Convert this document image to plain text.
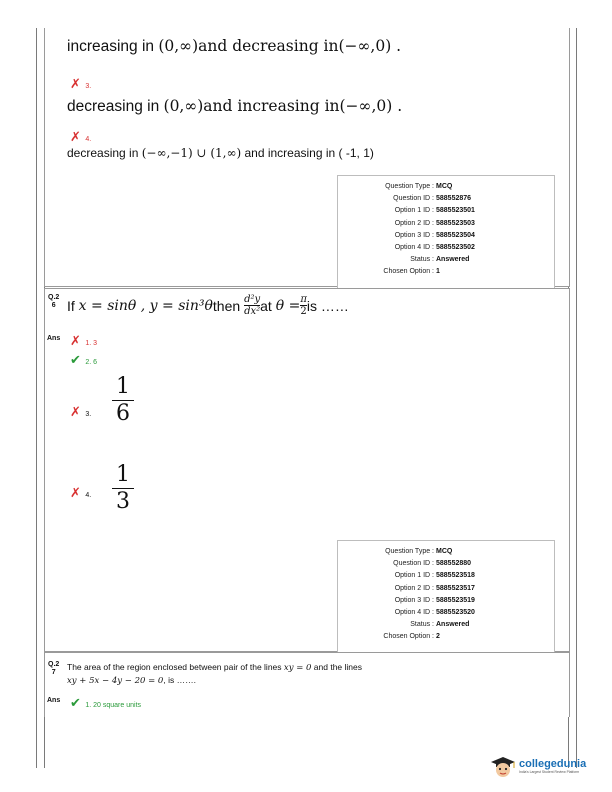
increasing in (0,∞)and decreasing in(−∞,0) .
✗ 3.
decreasing in (0,∞)and increasing in(−∞,0) .
✗ 4.
decreasing in (−∞,−1) ∪ (1,∞) and increasing in ( -1, 1)
Question Type : MCQ
Question ID : 588552876
Option 1 ID : 5885523501
Option 2 ID : 5885523503
Option 3 ID : 5885523504
Option 4 ID : 5885523502
Status : Answered
Chosen Option : 1
Q.2
6 If
x = sinθ , y = sin³θ then
$\frac{\text{d²y}}{\text{dx²}}$ at
$\theta = \frac{\pi}{2}$ is ……
Ans ✗ 1. 3
✔ 2. 6
✗ 3.
1
6
✗ 4.
1
3
Question Type : MCQ
Question ID : 588552880
Option 1 ID : 5885523518
Option 2 ID : 5885523517
Option 3 ID : 5885523519
Option 4 ID : 5885523520
Status : Answered
Chosen Option : 2
Q.2
7
The area of the region enclosed between pair of the lines xy = 0 and the lines
xy + 5x − 4y − 20 = 0, is …….
Ans ✔ 1. 20 square units
collegedunia
India's Largest Student Review Platform
